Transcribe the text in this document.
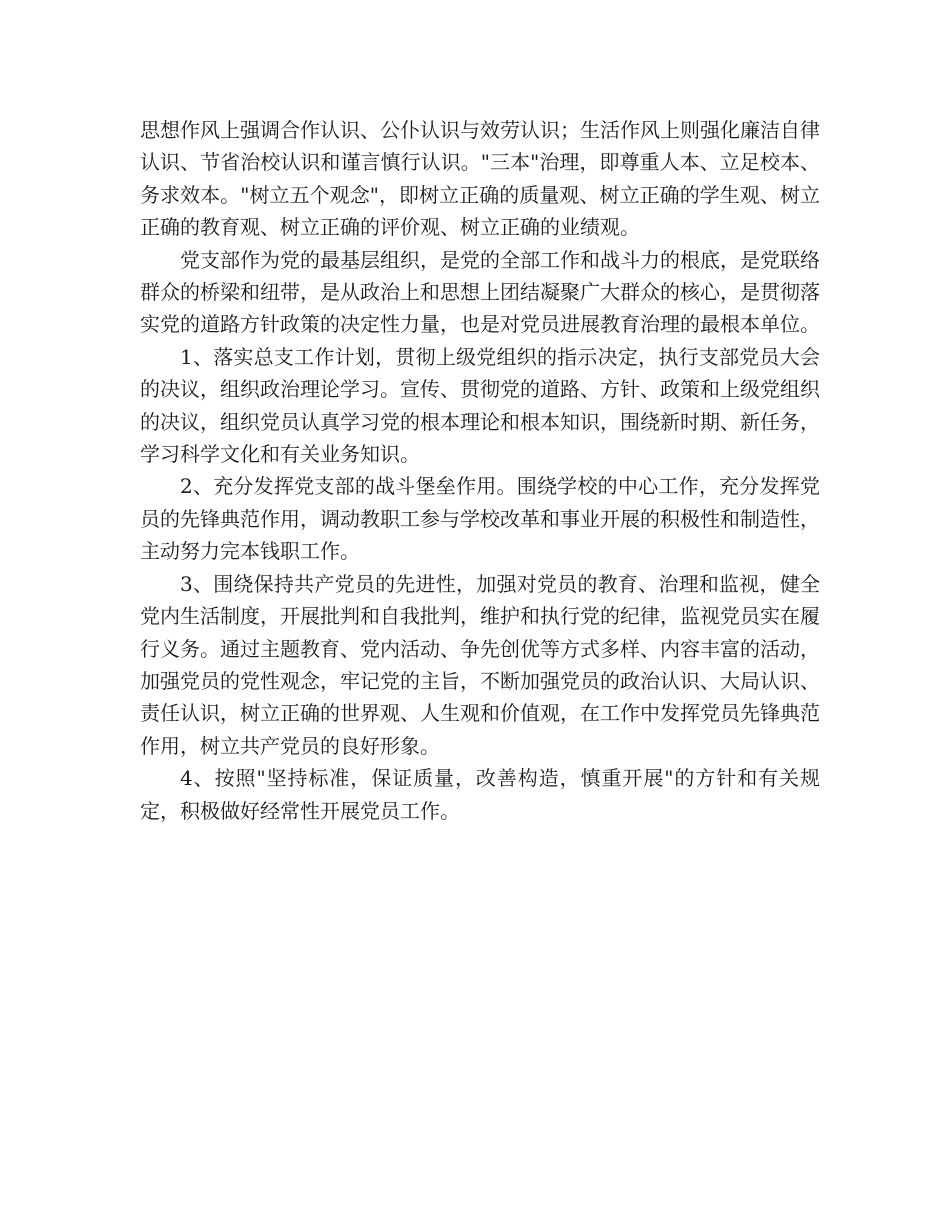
思想作风上强调合作认识、公仆认识与效劳认识；生活作风上则强化廉洁自律认识、节省治校认识和谨言慎行认识。"三本"治理，即尊重人本、立足校本、务求效本。"树立五个观念"，即树立正确的质量观、树立正确的学生观、树立正确的教育观、树立正确的评价观、树立正确的业绩观。

党支部作为党的最基层组织，是党的全部工作和战斗力的根底，是党联络群众的桥梁和纽带，是从政治上和思想上团结凝聚广大群众的核心，是贯彻落实党的道路方针政策的决定性力量，也是对党员进展教育治理的最根本单位。

1、落实总支工作计划，贯彻上级党组织的指示决定，执行支部党员大会的决议，组织政治理论学习。宣传、贯彻党的道路、方针、政策和上级党组织的决议，组织党员认真学习党的根本理论和根本知识，围绕新时期、新任务，学习科学文化和有关业务知识。

2、充分发挥党支部的战斗堡垒作用。围绕学校的中心工作，充分发挥党员的先锋典范作用，调动教职工参与学校改革和事业开展的积极性和制造性，主动努力完本钱职工作。

3、围绕保持共产党员的先进性，加强对党员的教育、治理和监视，健全党内生活制度，开展批判和自我批判，维护和执行党的纪律，监视党员实在履行义务。通过主题教育、党内活动、争先创优等方式多样、内容丰富的活动，加强党员的党性观念，牢记党的主旨，不断加强党员的政治认识、大局认识、责任认识，树立正确的世界观、人生观和价值观，在工作中发挥党员先锋典范作用，树立共产党员的良好形象。

4、按照"坚持标准，保证质量，改善构造，慎重开展"的方针和有关规定，积极做好经常性开展党员工作。
